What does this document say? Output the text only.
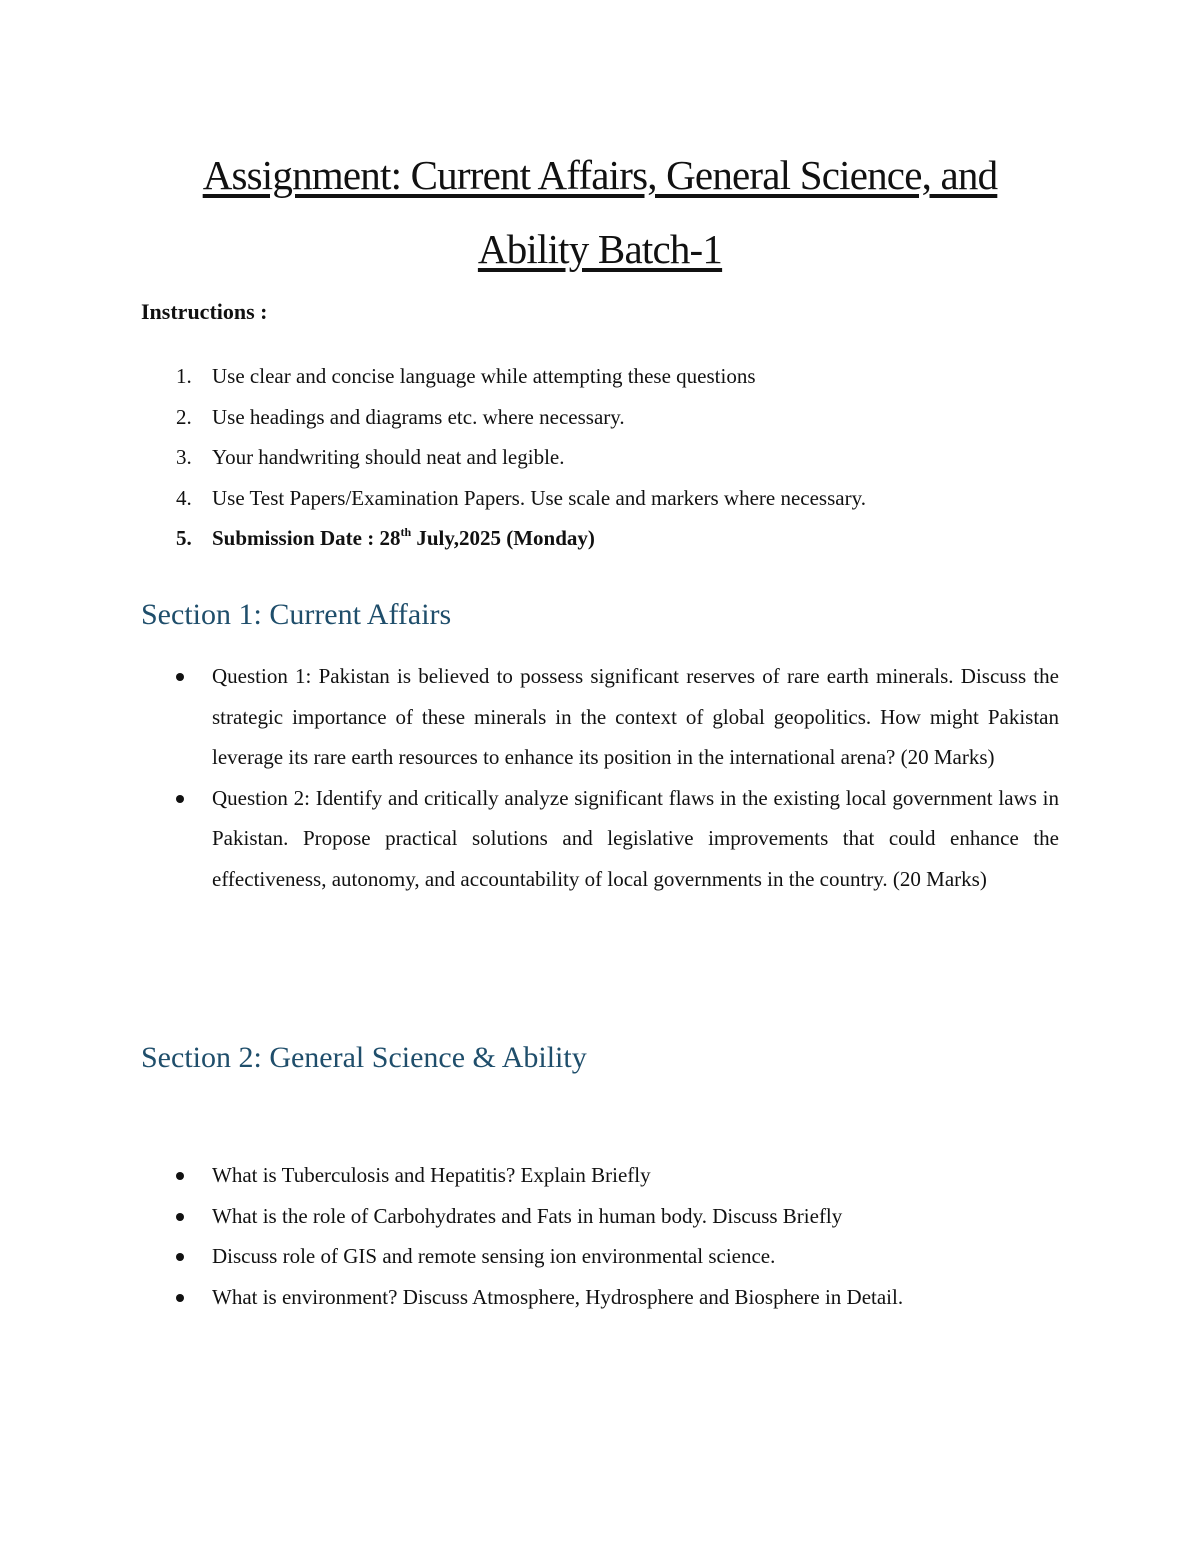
Assignment: Current Affairs, General Science, and
Ability Batch-1
Instructions :
1. Use clear and concise language while attempting these questions
2. Use headings and diagrams etc. where necessary.
3. Your handwriting should neat and legible.
4. Use Test Papers/Examination Papers. Use scale and markers where necessary.
5. Submission Date : 28th July,2025 (Monday)
Section 1: Current Affairs
Question 1: Pakistan is believed to possess significant reserves of rare earth minerals. Discuss the strategic importance of these minerals in the context of global geopolitics. How might Pakistan leverage its rare earth resources to enhance its position in the international arena? (20 Marks)
Question 2: Identify and critically analyze significant flaws in the existing local government laws in Pakistan. Propose practical solutions and legislative improvements that could enhance the effectiveness, autonomy, and accountability of local governments in the country. (20 Marks)
Section 2: General Science & Ability
What is Tuberculosis and Hepatitis? Explain Briefly
What is the role of Carbohydrates and Fats in human body. Discuss Briefly
Discuss role of GIS and remote sensing ion environmental science.
What is environment? Discuss Atmosphere, Hydrosphere and Biosphere in Detail.
